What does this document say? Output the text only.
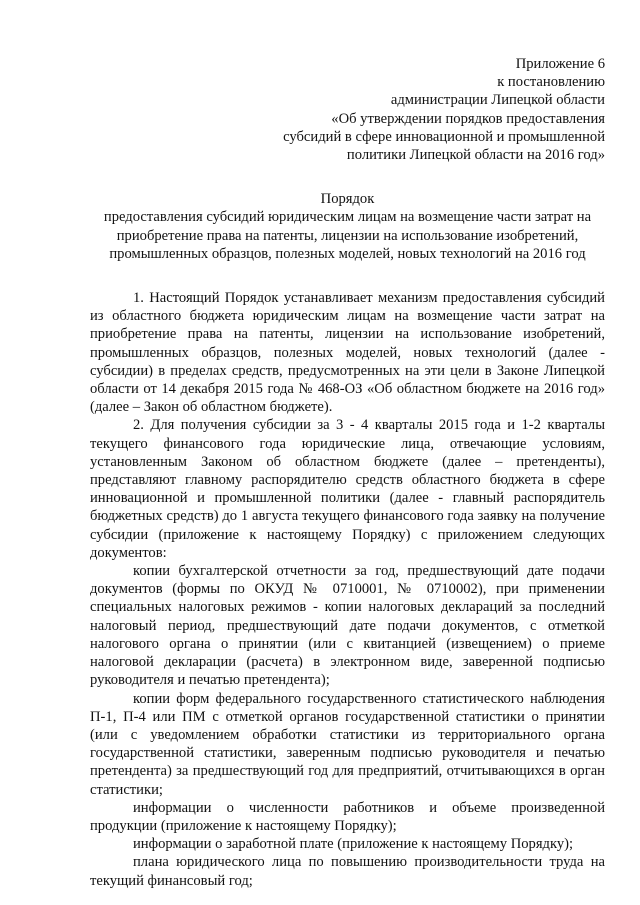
Приложение 6
к постановлению
администрации Липецкой области
«Об утверждении порядков предоставления
субсидий в сфере инновационной и промышленной
политики Липецкой области на 2016 год»
Порядок
предоставления субсидий юридическим лицам на возмещение части затрат на
приобретение права на патенты, лицензии на использование изобретений,
промышленных образцов, полезных моделей, новых технологий на 2016 год

1. Настоящий Порядок устанавливает механизм предоставления субсидий из областного бюджета юридическим лицам на возмещение части затрат на приобретение права на патенты, лицензии на использование изобретений, промышленных образцов, полезных моделей, новых технологий (далее - субсидии) в пределах средств, предусмотренных на эти цели в Законе Липецкой области от 14 декабря 2015 года № 468-ОЗ «Об областном бюджете на 2016 год» (далее – Закон об областном бюджете).

2. Для получения субсидии за 3 - 4 кварталы 2015 года и 1-2 кварталы текущего финансового года юридические лица, отвечающие условиям, установленным Законом об областном бюджете (далее – претенденты), представляют главному распорядителю средств областного бюджета в сфере инновационной и промышленной политики (далее - главный распорядитель бюджетных средств) до 1 августа текущего финансового года заявку на получение субсидии (приложение к настоящему Порядку) с приложением следующих документов:

копии бухгалтерской отчетности за год, предшествующий дате подачи документов (формы по ОКУД № 0710001, № 0710002), при применении специальных налоговых режимов - копии налоговых деклараций за последний налоговый период, предшествующий дате подачи документов, с отметкой налогового органа о принятии (или с квитанцией (извещением) о приеме налоговой декларации (расчета) в электронном виде, заверенной подписью руководителя и печатью претендента);

копии форм федерального государственного статистического наблюдения П-1, П-4 или ПМ с отметкой органов государственной статистики о принятии (или с уведомлением обработки статистики из территориального органа государственной статистики, заверенным подписью руководителя и печатью претендента) за предшествующий год для предприятий, отчитывающихся в орган статистики;

информации о численности работников и объеме произведенной продукции (приложение к настоящему Порядку);

информации о заработной плате (приложение к настоящему Порядку);

плана юридического лица по повышению производительности труда на текущий финансовый год;
